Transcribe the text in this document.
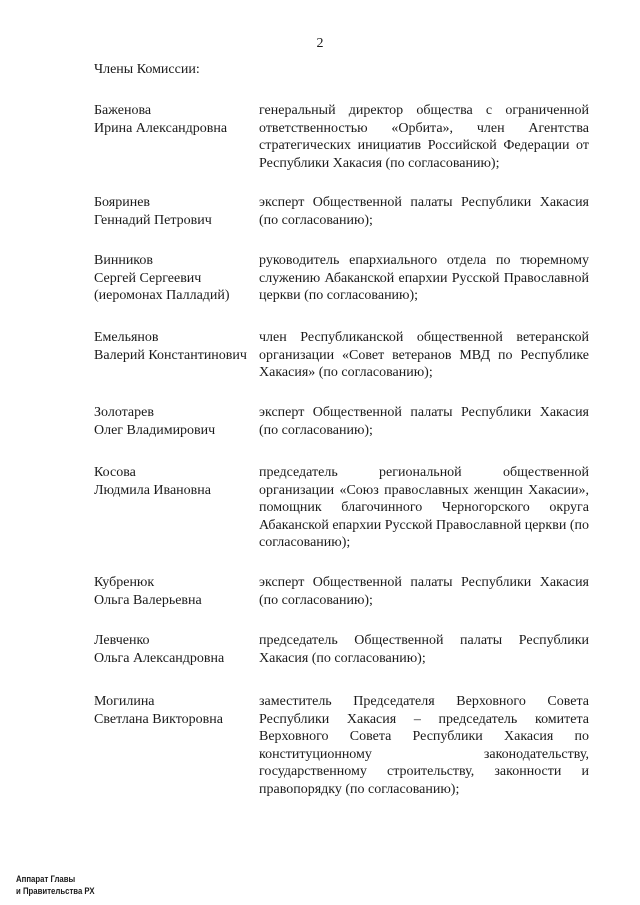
2
Члены Комиссии:
Баженова
Ирина Александровна
генеральный директор общества с ограниченной ответственностью «Орбита», член Агентства стратегических инициатив Российской Федерации от Республики Хакасия (по согласованию);
Бояринев
Геннадий Петрович
эксперт Общественной палаты Республики Хакасия (по согласованию);
Винников
Сергей Сергеевич
(иеромонах Палладий)
руководитель епархиального отдела по тюремному служению Абаканской епархии Русской Православной церкви (по согласованию);
Емельянов
Валерий Константинович
член Республиканской общественной ветеранской организации «Совет ветеранов МВД по Республике Хакасия» (по согласованию);
Золотарев
Олег Владимирович
эксперт Общественной палаты Республики Хакасия (по согласованию);
Косова
Людмила Ивановна
председатель региональной общественной организации «Союз православных женщин Хакасии», помощник благочинного Черногорского округа Абаканской епархии Русской Православной церкви (по согласованию);
Кубренюк
Ольга Валерьевна
эксперт Общественной палаты Республики Хакасия (по согласованию);
Левченко
Ольга Александровна
председатель Общественной палаты Республики Хакасия (по согласованию);
Могилина
Светлана Викторовна
заместитель Председателя Верховного Совета Республики Хакасия – председатель комитета Верховного Совета Республики Хакасия по конституционному законодательству, государственному строительству, законности и правопорядку (по согласованию);
Аппарат Главы
и Правительства РХ
